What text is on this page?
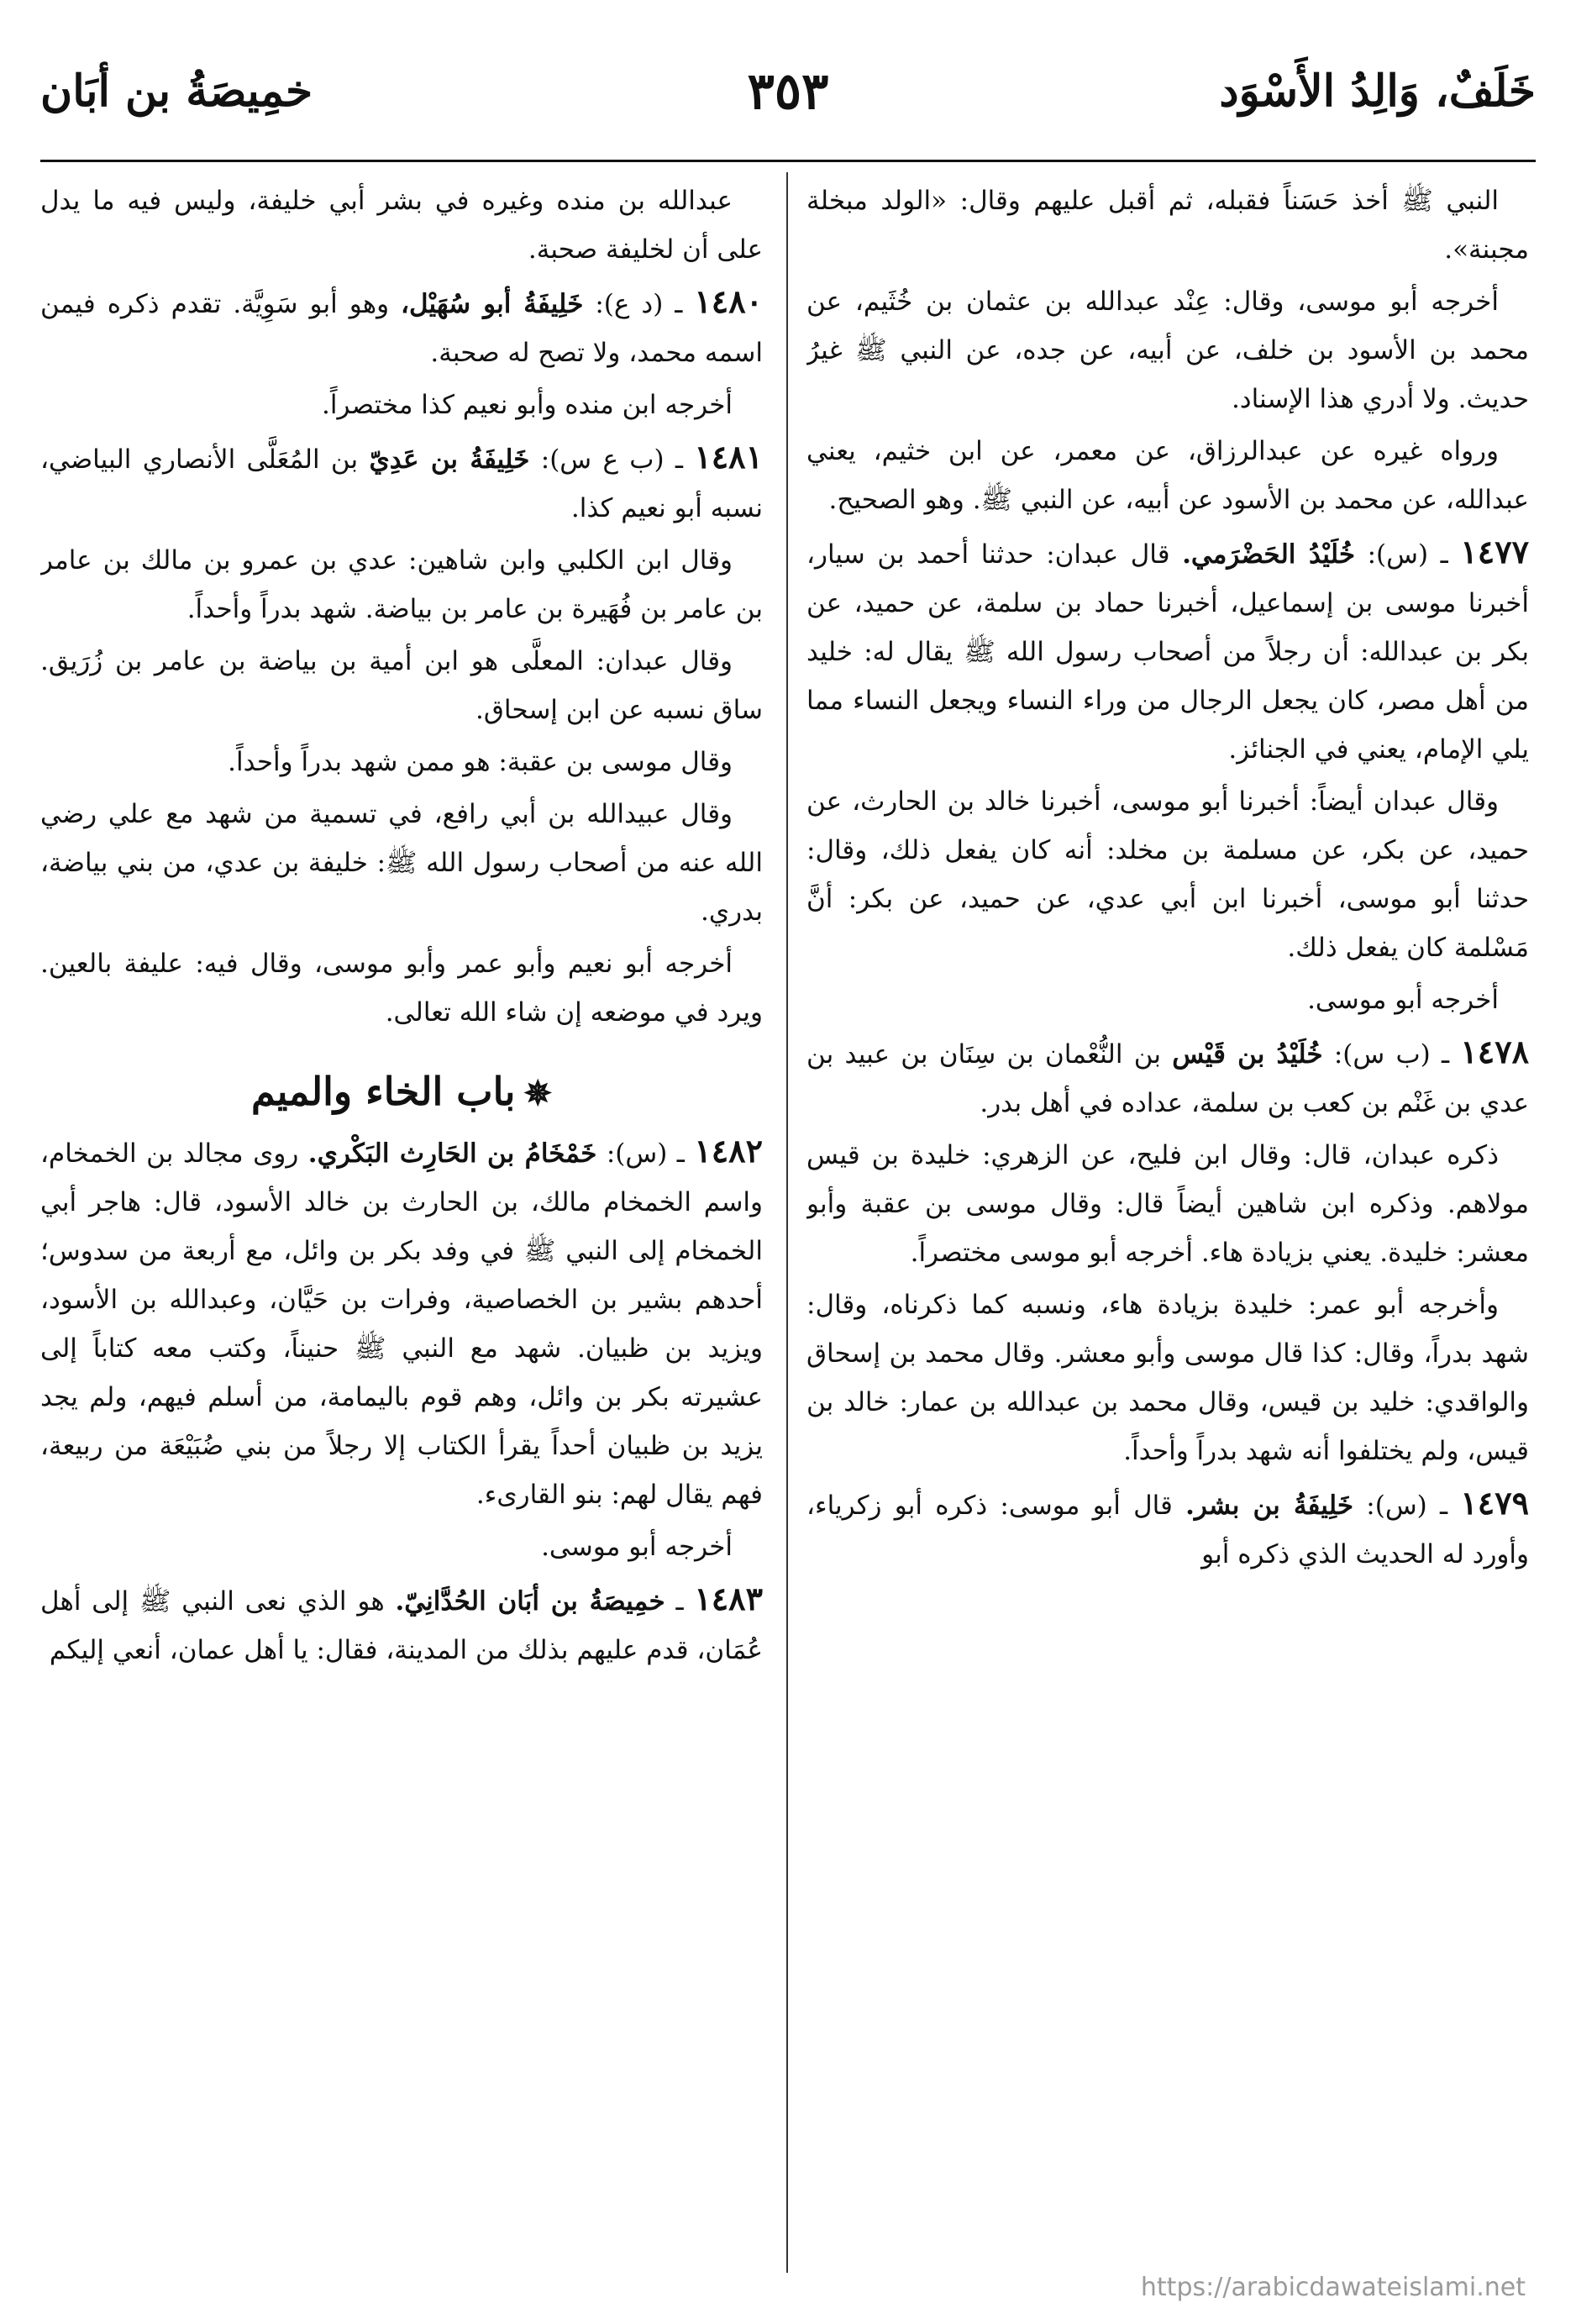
خَلَفٌ، وَالِدُ الأَسْوَد
٣٥٣
خمِيصَةُ بن أبَان

النبي ﷺ أخذ حَسَناً فقبله، ثم أقبل عليهم وقال: «الولد مبخلة مجبنة».

أخرجه أبو موسى، وقال: عِنْد عبدالله بن عثمان بن خُثَيم، عن محمد بن الأسود بن خلف، عن أبيه، عن جده، عن النبي ﷺ غيرُ حديث. ولا أدري هذا الإسناد.

ورواه غيره عن عبدالرزاق، عن معمر، عن ابن خثيم، يعني عبدالله، عن محمد بن الأسود عن أبيه، عن النبي ﷺ. وهو الصحيح.

١٤٧٧ ـ (س): خُلَيْدُ الحَضْرَمي. قال عبدان: حدثنا أحمد بن سيار، أخبرنا موسى بن إسماعيل، أخبرنا حماد بن سلمة، عن حميد، عن بكر بن عبدالله: أن رجلاً من أصحاب رسول الله ﷺ يقال له: خليد من أهل مصر، كان يجعل الرجال من وراء النساء ويجعل النساء مما يلي الإمام، يعني في الجنائز.

وقال عبدان أيضاً: أخبرنا أبو موسى، أخبرنا خالد بن الحارث، عن حميد، عن بكر، عن مسلمة بن مخلد: أنه كان يفعل ذلك، وقال: حدثنا أبو موسى، أخبرنا ابن أبي عدي، عن حميد، عن بكر: أنَّ مَسْلمة كان يفعل ذلك.

أخرجه أبو موسى.

١٤٧٨ ـ (ب س): خُلَيْدُ بن قَيْس بن النُّعْمان بن سِنَان بن عبيد بن عدي بن غَنْم بن كعب بن سلمة، عداده في أهل بدر.

ذكره عبدان، قال: وقال ابن فليح، عن الزهري: خليدة بن قيس مولاهم. وذكره ابن شاهين أيضاً قال: وقال موسى بن عقبة وأبو معشر: خليدة. يعني بزيادة هاء. أخرجه أبو موسى مختصراً.

وأخرجه أبو عمر: خليدة بزيادة هاء، ونسبه كما ذكرناه، وقال: شهد بدراً، وقال: كذا قال موسى وأبو معشر. وقال محمد بن إسحاق والواقدي: خليد بن قيس، وقال محمد بن عبدالله بن عمار: خالد بن قيس، ولم يختلفوا أنه شهد بدراً وأحداً.

١٤٧٩ ـ (س): خَلِيفَةُ بن بشر. قال أبو موسى: ذكره أبو زكرياء، وأورد له الحديث الذي ذكره أبو

عبدالله بن منده وغيره في بشر أبي خليفة، وليس فيه ما يدل على أن لخليفة صحبة.

١٤٨٠ ـ (د ع): خَلِيفَةُ أبو سُهَيْل، وهو أبو سَوِيَّة. تقدم ذكره فيمن اسمه محمد، ولا تصح له صحبة.

أخرجه ابن منده وأبو نعيم كذا مختصراً.

١٤٨١ ـ (ب ع س): خَلِيفَةُ بن عَدِيّ بن المُعَلَّى الأنصاري البياضي، نسبه أبو نعيم كذا.

وقال ابن الكلبي وابن شاهين: عدي بن عمرو بن مالك بن عامر بن عامر بن فُهَيرة بن عامر بن بياضة. شهد بدراً وأحداً.

وقال عبدان: المعلَّى هو ابن أمية بن بياضة بن عامر بن زُرَيق. ساق نسبه عن ابن إسحاق.

وقال موسى بن عقبة: هو ممن شهد بدراً وأحداً.

وقال عبيدالله بن أبي رافع، في تسمية من شهد مع علي رضي الله عنه من أصحاب رسول الله ﷺ: خليفة بن عدي، من بني بياضة، بدري.

أخرجه أبو نعيم وأبو عمر وأبو موسى، وقال فيه: عليفة بالعين. ويرد في موضعه إن شاء الله تعالى.

✵باب الخاء والميم

١٤٨٢ ـ (س): خَمْخَامُ بن الحَارِث البَكْري. روى مجالد بن الخمخام، واسم الخمخام مالك، بن الحارث بن خالد الأسود، قال: هاجر أبي الخمخام إلى النبي ﷺ في وفد بكر بن وائل، مع أربعة من سدوس؛ أحدهم بشير بن الخصاصية، وفرات بن حَيَّان، وعبدالله بن الأسود، ويزيد بن ظبيان. شهد مع النبي ﷺ حنيناً، وكتب معه كتاباً إلى عشيرته بكر بن وائل، وهم قوم باليمامة، من أسلم فيهم، ولم يجد يزيد بن ظبيان أحداً يقرأ الكتاب إلا رجلاً من بني ضُبَيْعَة من ربيعة، فهم يقال لهم: بنو القارىء.

أخرجه أبو موسى.

١٤٨٣ ـ خمِيصَةُ بن أبَان الحُدَّانِيّ. هو الذي نعى النبي ﷺ إلى أهل عُمَان، قدم عليهم بذلك من المدينة، فقال: يا أهل عمان، أنعي إليكم

https://arabicdawateislami.net
